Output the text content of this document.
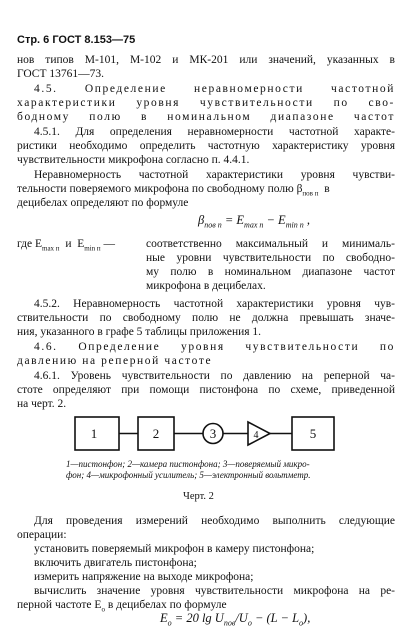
Стр. 6 ГОСТ 8.153—75
нов типов М-101, М-102 и МК-201 или значений, указанных в
ГОСТ 13761—73.
4.5. Определение неравномерности частотной
характеристики уровня чувствительности по сво-
бодному полю в номинальном диапазоне частот
4.5.1. Для определения неравномерности частотной характе-
ристики необходимо определить частотную характеристику уровня
чувствительности микрофона согласно п. 4.4.1.
Неравномерность частотной характеристики уровня чувстви-
тельности поверяемого микрофона по свободному полю $\beta_{пов п}$  в
децибелах определяют по формуле
$\beta_{пов п} = E_{max п} - E_{min п}$ ,
где $E_{max п}$  и  $E_{min п}$ —	соответственно максимальный и минималь-
ные уровни чувствительности по свободно-
му полю в номинальном диапазоне частот
микрофона в децибелах.
4.5.2. Неравномерность частотной характеристики уровня чув-
ствительности по свободному полю не должна превышать значе-
ния, указанного в графе 5 таблицы приложения 1.
4.6. Определение уровня чувствительности по
давлению на реперной частоте
4.6.1. Уровень чувствительности по давлению на реперной ча-
стоте определяют при помощи пистонфона по схеме, приведенной
на черт. 2.
1	2	3	4	5
1—пистонфон; 2—камера пистонфона; 3—поверяемый микро-
фон; 4—микрофонный усилитель; 5—электронный вольтметр.
Черт. 2
Для проведения измерений необходимо выполнить следующие
операции:
установить поверяемый микрофон в камеру пистонфона;
включить двигатель пистонфона;
измерить напряжение на выходе микрофона;
вычислить значение уровня чувствительности микрофона на ре-
перной частоте $E_о$ в децибелах по формуле
$E_о = 20$ $\lg U_{пов}/U_о - (L - L_о)$,
